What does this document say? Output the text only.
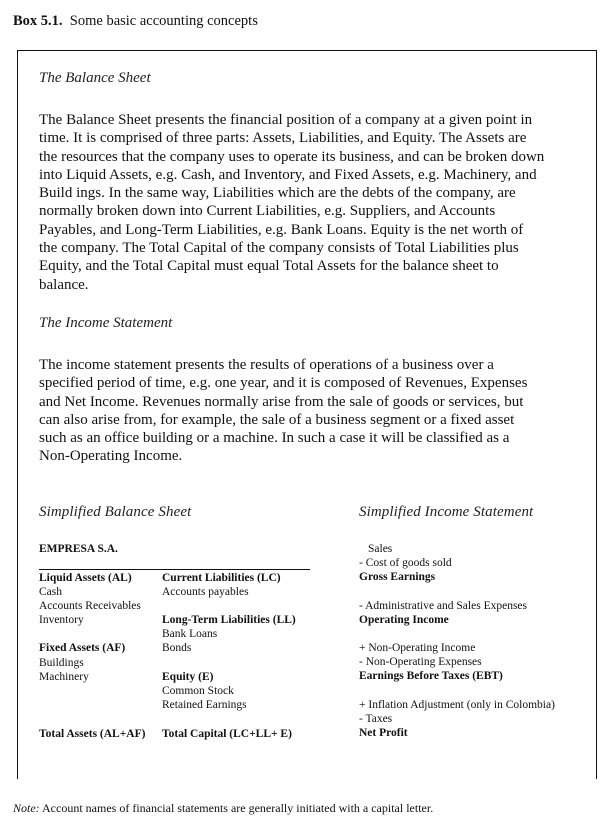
Box 5.1. Some basic accounting concepts
The Balance Sheet
The Balance Sheet presents the financial position of a company at a given point in
time. It is comprised of three parts: Assets, Liabilities, and Equity. The Assets are
the resources that the company uses to operate its business, and can be broken down
into Liquid Assets, e.g. Cash, and Inventory, and Fixed Assets, e.g. Machinery, and
Build ings. In the same way, Liabilities which are the debts of the company, are
normally broken down into Current Liabilities, e.g. Suppliers, and Accounts
Payables, and Long-Term Liabilities, e.g. Bank Loans. Equity is the net worth of
the company. The Total Capital of the company consists of Total Liabilities plus
Equity, and the Total Capital must equal Total Assets for the balance sheet to
balance.
The Income Statement
The income statement presents the results of operations of a business over a
specified period of time, e.g. one year, and it is composed of Revenues, Expenses
and Net Income. Revenues normally arise from the sale of goods or services, but
can also arise from, for example, the sale of a business segment or a fixed asset
such as an office building or a machine. In such a case it will be classified as a
Non-Operating Income.
Simplified Balance Sheet
EMPRESA S.A.
Liquid Assets (AL)
Cash
Accounts Receivables
Inventory
Fixed Assets (AF)
Buildings
Machinery
Current Liabilities (LC)
Accounts payables
Long-Term Liabilities (LL)
Bank Loans
Bonds
Equity (E)
Common Stock
Retained Earnings
Total Assets (AL+AF) Total Capital (LC+LL+ E)
Simplified Income Statement
Sales
- Cost of goods sold
Gross Earnings
- Administrative and Sales Expenses
Operating Income
+ Non-Operating Income
- Non-Operating Expenses
Earnings Before Taxes (EBT)
+ Inflation Adjustment (only in Colombia)
- Taxes
Net Profit
Note: Account names of financial statements are generally initiated with a capital letter.
